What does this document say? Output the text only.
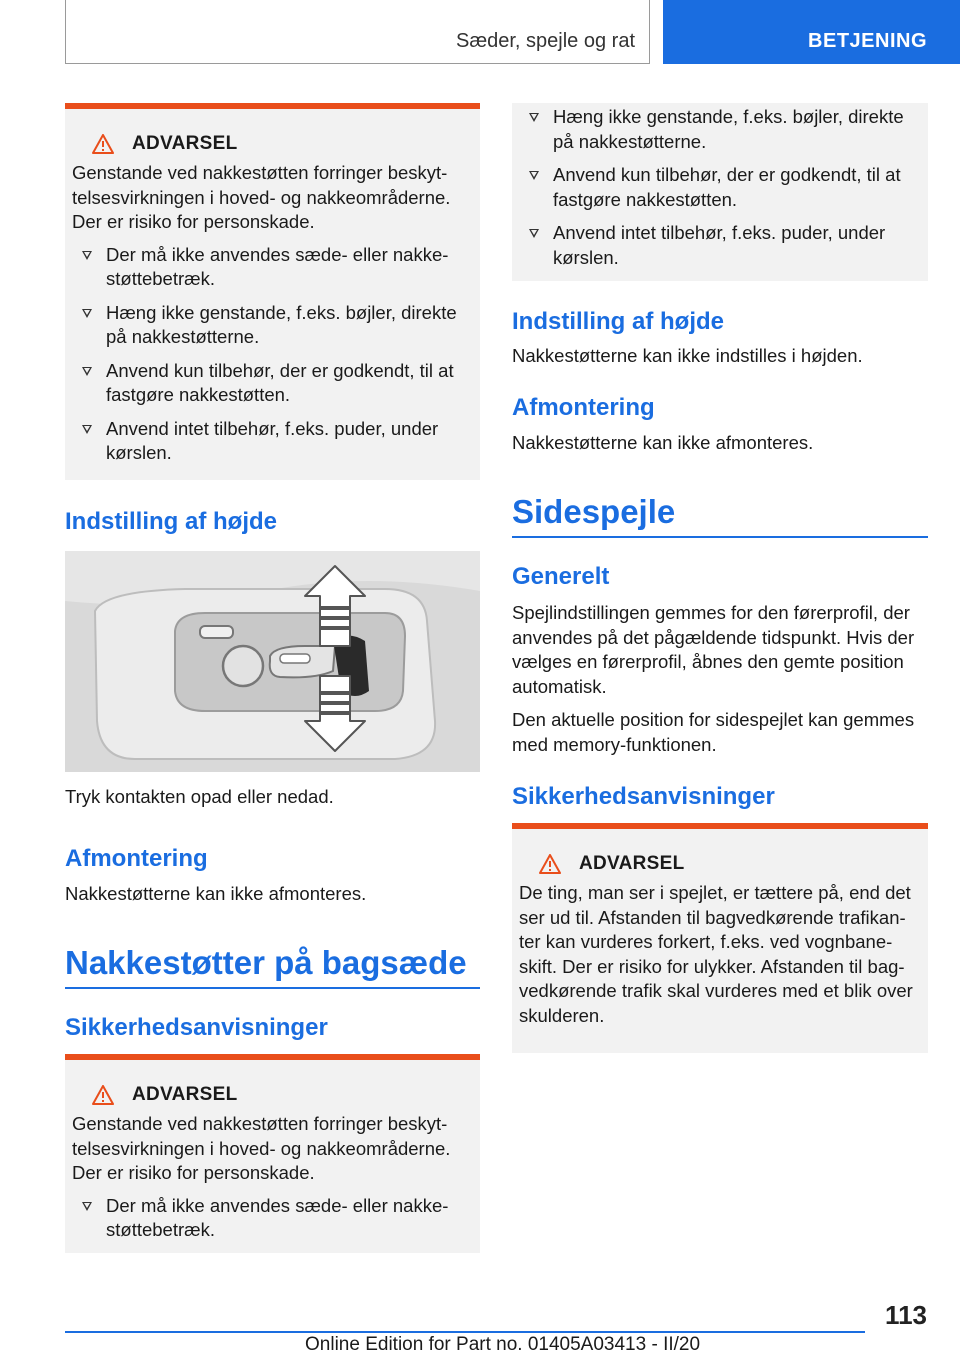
Sæder, spejle og rat	BETJENING
ADVARSEL

Genstande ved nakkestøtten forringer beskyt-telsesvirkningen i hoved- og nakkeområderne. Der er risiko for personskade.

Der må ikke anvendes sæde- eller nakke-støttebetræk.
Hæng ikke genstande, f.eks. bøjler, direkte på nakkestøtterne.
Anvend kun tilbehør, der er godkendt, til at fastgøre nakkestøtten.
Anvend intet tilbehør, f.eks. puder, under kørslen.
Indstilling af højde
Tryk kontakten opad eller nedad.
Afmontering
Nakkestøtterne kan ikke afmonteres.
Nakkestøtter på bagsæde
Sikkerhedsanvisninger
ADVARSEL

Genstande ved nakkestøtten forringer beskyt-telsesvirkningen i hoved- og nakkeområderne. Der er risiko for personskade.

Der må ikke anvendes sæde- eller nakke-støttebetræk.
Hæng ikke genstande, f.eks. bøjler, direkte på nakkestøtterne.
Anvend kun tilbehør, der er godkendt, til at fastgøre nakkestøtten.
Anvend intet tilbehør, f.eks. puder, under kørslen.
Indstilling af højde
Nakkestøtterne kan ikke indstilles i højden.
Afmontering
Nakkestøtterne kan ikke afmonteres.
Sidespejle
Generelt
Spejlindstillingen gemmes for den førerprofil, der anvendes på det pågældende tidspunkt. Hvis der vælges en førerprofil, åbnes den gemte position automatisk.
Den aktuelle position for sidespejlet kan gemmes med memory-funktionen.
Sikkerhedsanvisninger
ADVARSEL

De ting, man ser i spejlet, er tættere på, end det ser ud til. Afstanden til bagvedkørende trafikan-ter kan vurderes forkert, f.eks. ved vognbane-skift. Der er risiko for ulykker. Afstanden til bag-vedkørende trafik skal vurderes med et blik over skulderen.

113
Online Edition for Part no. 01405A03413 - II/20
